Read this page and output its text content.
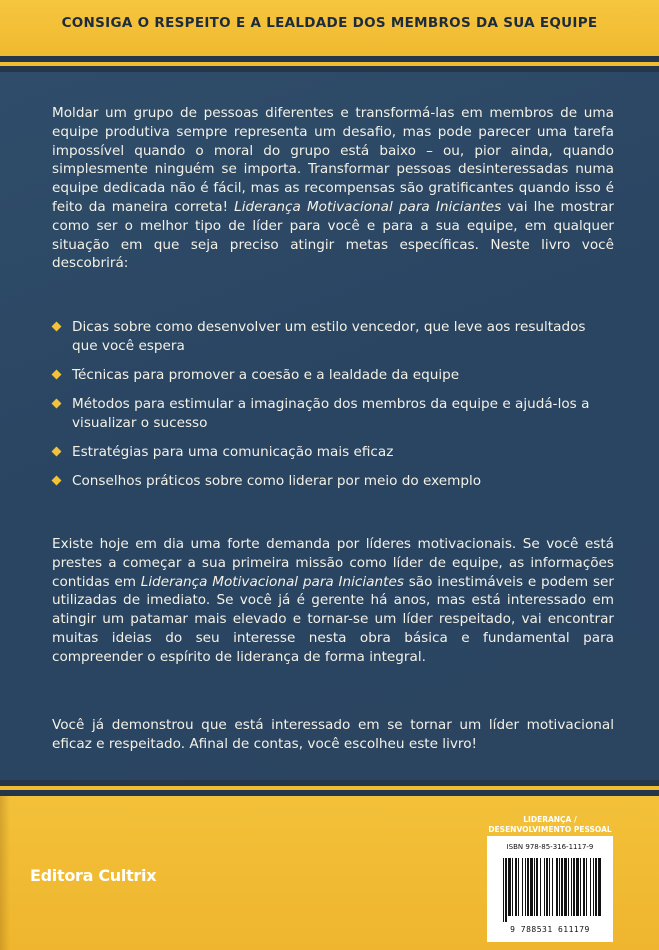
CONSIGA O RESPEITO E A LEALDADE DOS MEMBROS DA SUA EQUIPE
Moldar um grupo de pessoas diferentes e transformá-las em membros de uma equipe produtiva sempre representa um desafio, mas pode parecer uma tarefa impossível quando o moral do grupo está baixo – ou, pior ainda, quando simplesmente ninguém se importa. Transformar pessoas desinteressadas numa equipe dedicada não é fácil, mas as recompensas são gratificantes quando isso é feito da maneira correta! Liderança Motivacional para Iniciantes vai lhe mostrar como ser o melhor tipo de líder para você e para a sua equipe, em qualquer situação em que seja preciso atingir metas específicas. Neste livro você descobrirá:
Dicas sobre como desenvolver um estilo vencedor, que leve aos resultados que você espera
Técnicas para promover a coesão e a lealdade da equipe
Métodos para estimular a imaginação dos membros da equipe e ajudá-los a visualizar o sucesso
Estratégias para uma comunicação mais eficaz
Conselhos práticos sobre como liderar por meio do exemplo
Existe hoje em dia uma forte demanda por líderes motivacionais. Se você está prestes a começar a sua primeira missão como líder de equipe, as informações contidas em Liderança Motivacional para Iniciantes são inestimáveis e podem ser utilizadas de imediato. Se você já é gerente há anos, mas está interessado em atingir um patamar mais elevado e tornar-se um líder respeitado, vai encontrar muitas ideias do seu interesse nesta obra básica e fundamental para compreender o espírito de liderança de forma integral.
Você já demonstrou que está interessado em se tornar um líder motivacional eficaz e respeitado. Afinal de contas, você escolheu este livro!
Editora Cultrix
LIDERANÇA /
DESENVOLVIMENTO PESSOAL
ISBN 978-85-316-1117-9
9 788531 611179
